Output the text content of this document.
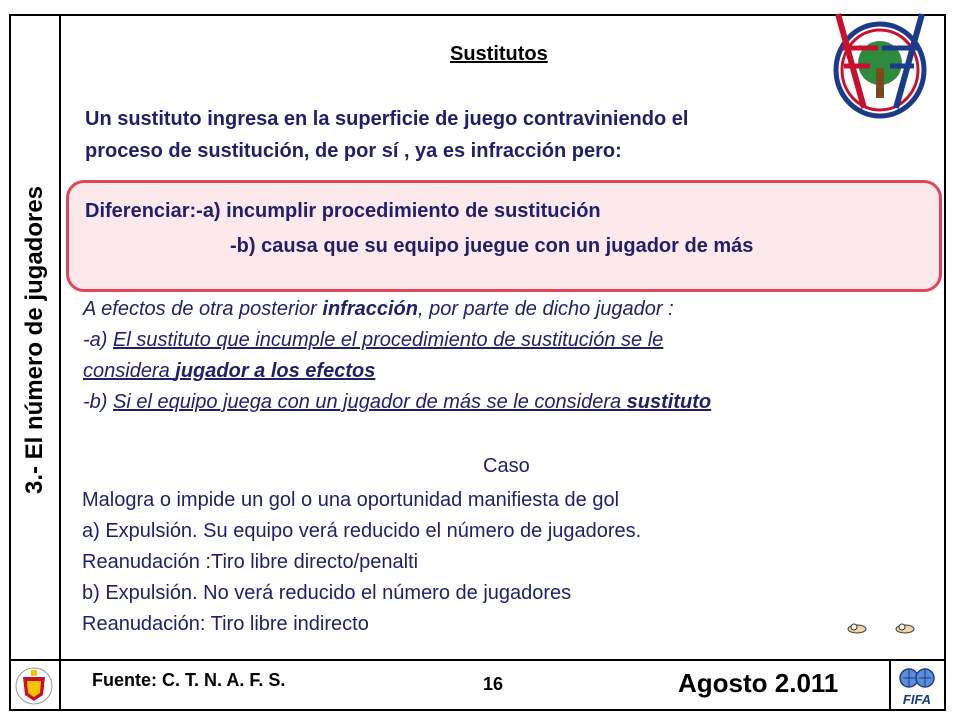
3.- El número de jugadores
Sustitutos
Un sustituto ingresa en la superficie de juego contraviniendo el
proceso de sustitución, de por sí , ya es infracción pero:
Diferenciar:-a) incumplir procedimiento de sustitución
-b) causa que su equipo juegue con un jugador de más

A efectos de otra posterior infracción, por parte de dicho jugador :

-a) El sustituto que incumple el procedimiento de sustitución se le

considera jugador a los efectos

-b) Si el equipo juega con un jugador de más se le considera sustituto

Caso

Malogra o impide un gol o una oportunidad manifiesta de gol

a) Expulsión. Su equipo verá reducido el número de jugadores.

Reanudación :Tiro libre directo/penalti

b) Expulsión. No verá reducido el número de jugadores

Reanudación: Tiro libre indirecto

Fuente: C. T. N. A. F. S.	16	Agosto 2.011
FIFA
